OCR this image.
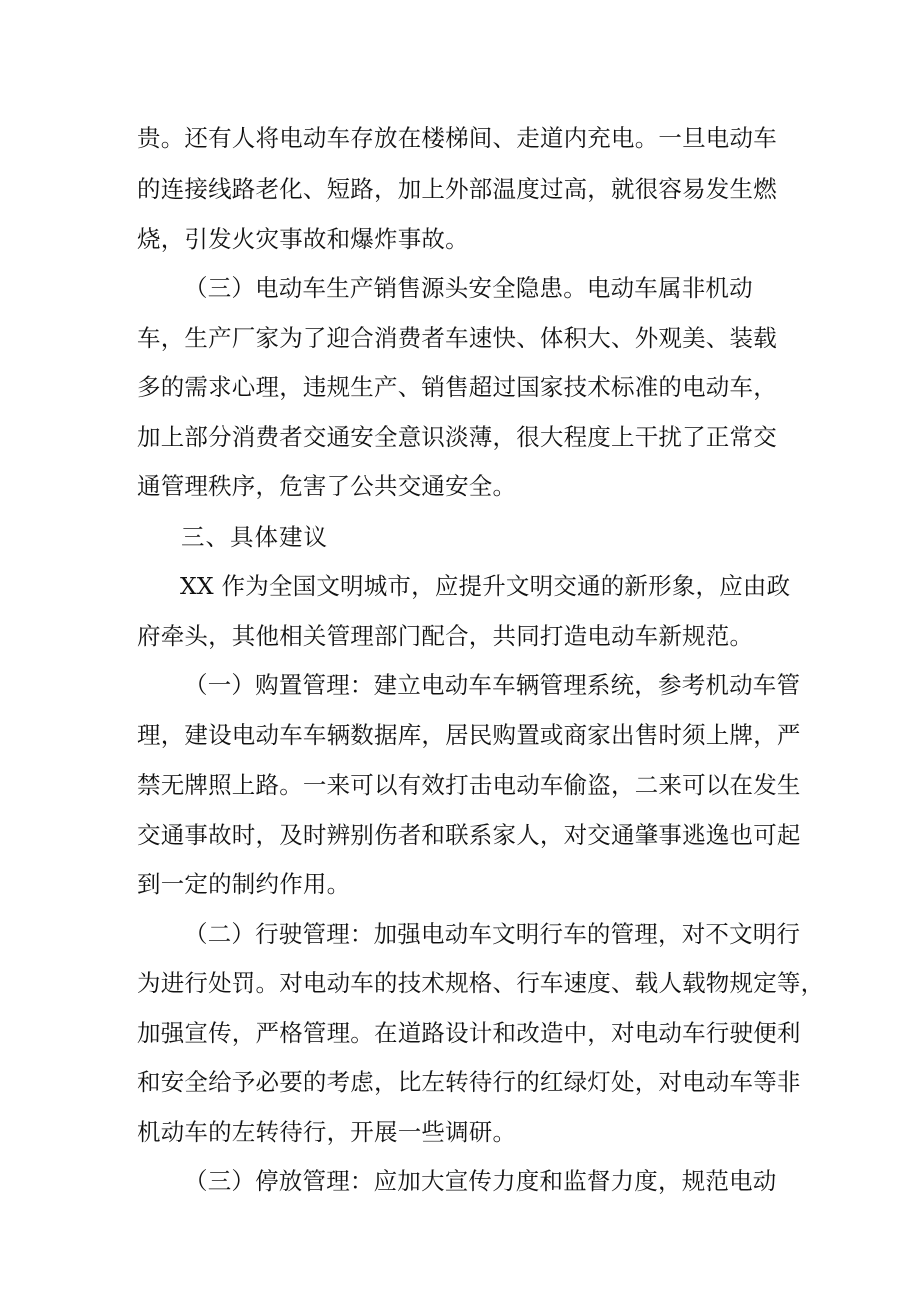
贵。还有人将电动车存放在楼梯间、走道内充电。一旦电动车
的连接线路老化、短路，加上外部温度过高，就很容易发生燃
烧，引发火灾事故和爆炸事故。
（三）电动车生产销售源头安全隐患。电动车属非机动
车，生产厂家为了迎合消费者车速快、体积大、外观美、装载
多的需求心理，违规生产、销售超过国家技术标准的电动车，
加上部分消费者交通安全意识淡薄，很大程度上干扰了正常交
通管理秩序，危害了公共交通安全。
三、具体建议
XX 作为全国文明城市，应提升文明交通的新形象，应由政
府牵头，其他相关管理部门配合，共同打造电动车新规范。
（一）购置管理：建立电动车车辆管理系统，参考机动车管
理，建设电动车车辆数据库，居民购置或商家出售时须上牌，严
禁无牌照上路。一来可以有效打击电动车偷盗，二来可以在发生
交通事故时，及时辨别伤者和联系家人，对交通肇事逃逸也可起
到一定的制约作用。
（二）行驶管理：加强电动车文明行车的管理，对不文明行
为进行处罚。对电动车的技术规格、行车速度、载人载物规定等，
加强宣传，严格管理。在道路设计和改造中，对电动车行驶便利
和安全给予必要的考虑，比左转待行的红绿灯处，对电动车等非
机动车的左转待行，开展一些调研。
（三）停放管理：应加大宣传力度和监督力度，规范电动
